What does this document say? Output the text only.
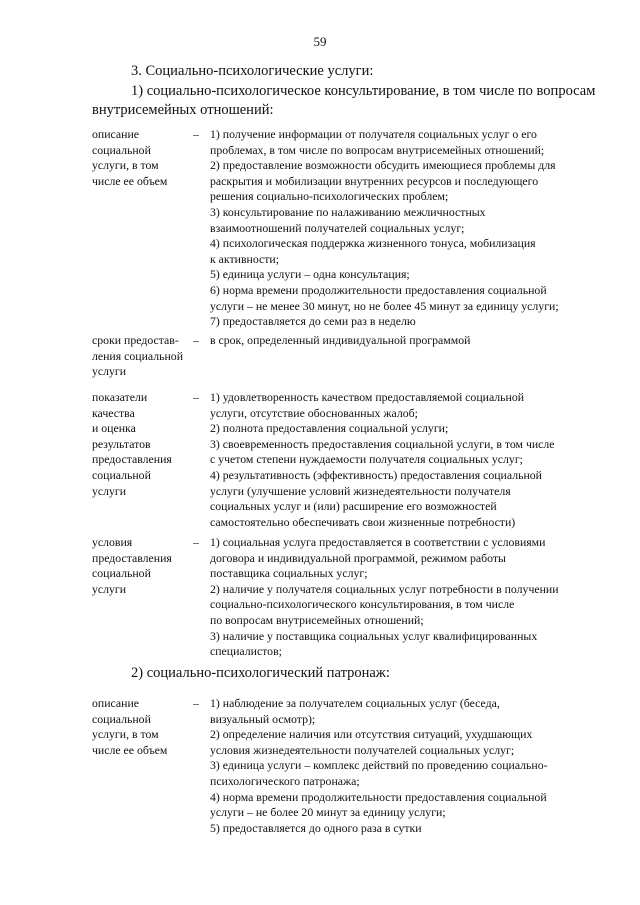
59
3. Социально-психологические услуги:
1) социально-психологическое консультирование, в том числе по вопросам
внутрисемейных отношений:
описание
социальной
услуги, в том
числе ее объем
– 1) получение информации от получателя социальных услуг о его
проблемах, в том числе по вопросам внутрисемейных отношений;
2) предоставление возможности обсудить имеющиеся проблемы для
раскрытия и мобилизации внутренних ресурсов и последующего
решения социально-психологических проблем;
3) консультирование по налаживанию межличностных
взаимоотношений получателей социальных услуг;
4) психологическая поддержка жизненного тонуса, мобилизация
к активности;
5) единица услуги – одна консультация;
6) норма времени продолжительности предоставления социальной
услуги – не менее 30 минут, но не более 45 минут за единицу услуги;
7) предоставляется до семи раз в неделю
сроки предостав-
ления социальной
услуги
– в срок, определенный индивидуальной программой
показатели
качества
и оценка
результатов
предоставления
социальной
услуги
– 1) удовлетворенность качеством предоставляемой социальной
услуги, отсутствие обоснованных жалоб;
2) полнота предоставления социальной услуги;
3) своевременность предоставления социальной услуги, в том числе
с учетом степени нуждаемости получателя социальных услуг;
4) результативность (эффективность) предоставления социальной
услуги (улучшение условий жизнедеятельности получателя
социальных услуг и (или) расширение его возможностей
самостоятельно обеспечивать свои жизненные потребности)
условия
предоставления
социальной
услуги
– 1) социальная услуга предоставляется в соответствии с условиями
договора и индивидуальной программой, режимом работы
поставщика социальных услуг;
2) наличие у получателя социальных услуг потребности в получении
социально-психологического консультирования, в том числе
по вопросам внутрисемейных отношений;
3) наличие у поставщика социальных услуг квалифицированных
специалистов;
2) социально-психологический патронаж:
описание
социальной
услуги, в том
числе ее объем
– 1) наблюдение за получателем социальных услуг (беседа,
визуальный осмотр);
2) определение наличия или отсутствия ситуаций, ухудшающих
условия жизнедеятельности получателей социальных услуг;
3) единица услуги – комплекс действий по проведению социально-
психологического патронажа;
4) норма времени продолжительности предоставления социальной
услуги – не более 20 минут за единицу услуги;
5) предоставляется до одного раза в сутки
